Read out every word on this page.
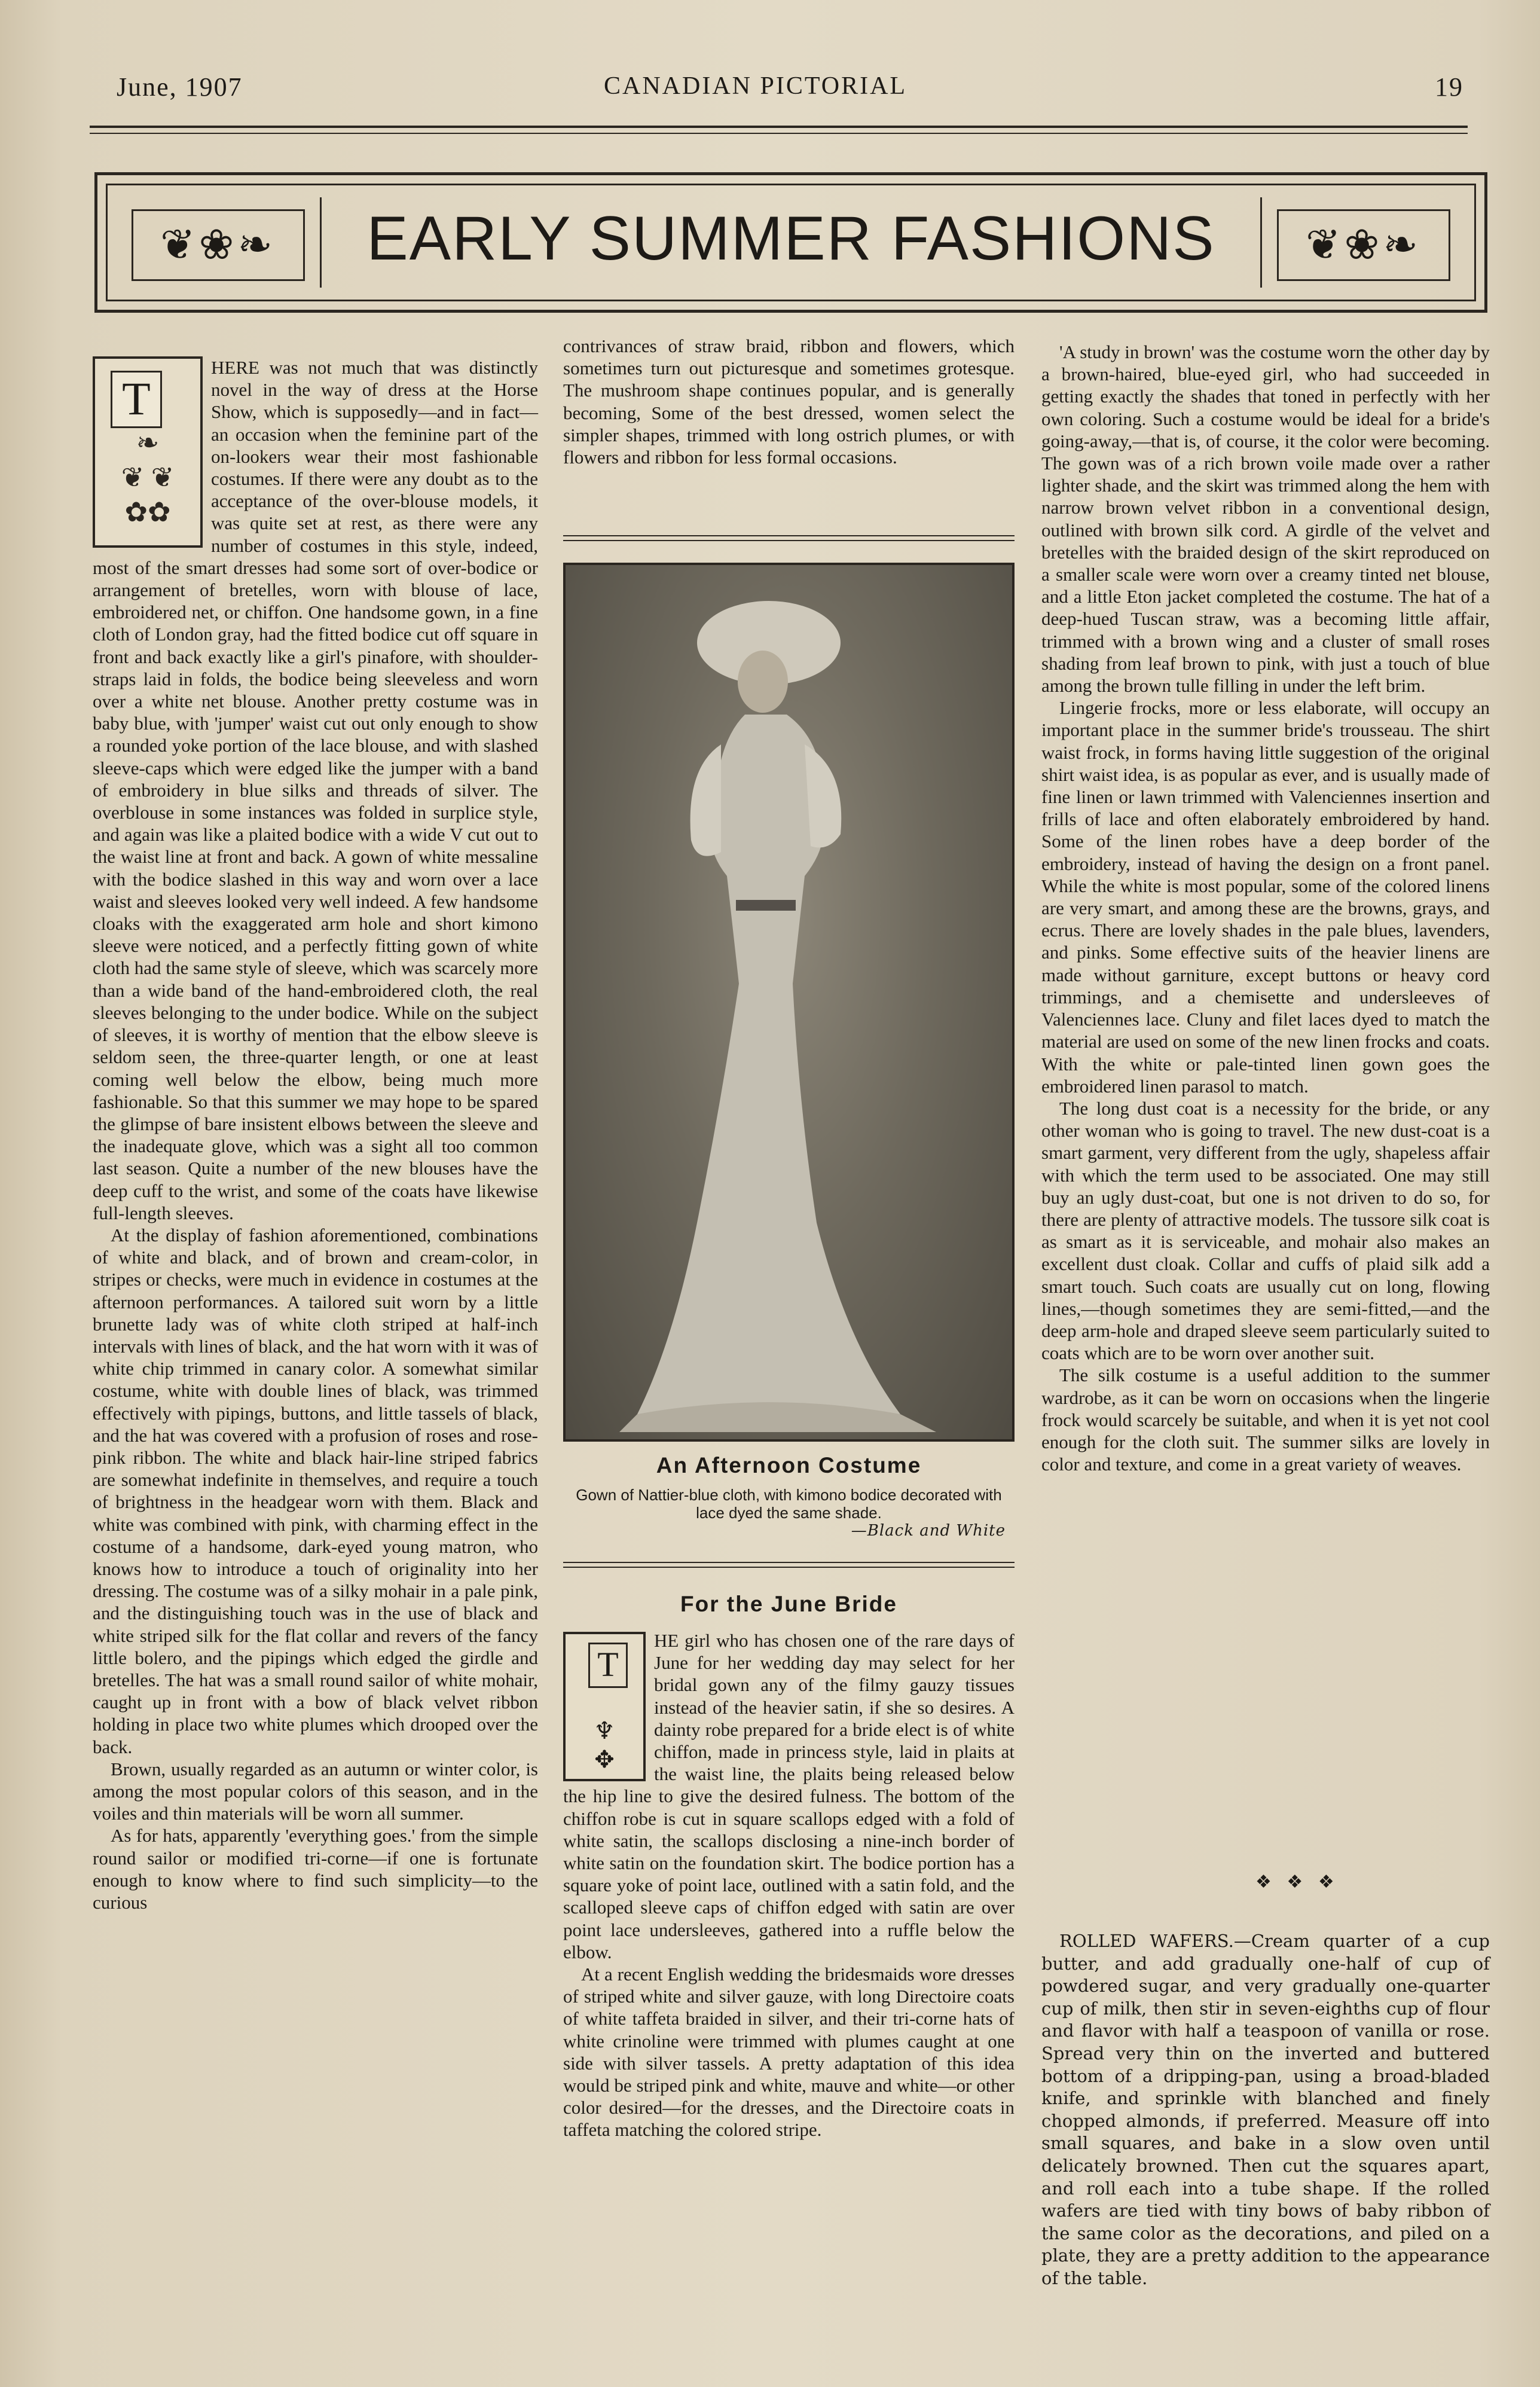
June, 1907	CANADIAN PICTORIAL	19
❦❀❧	EARLY SUMMER FASHIONS	❦❀❧
T
❧
❦ ❦
✿✿

HERE was not much that was distinctly novel in the way of dress at the Horse Show, which is supposedly—and in fact—an occasion when the feminine part of the on-lookers wear their most fashionable costumes. If there were any doubt as to the acceptance of the over-blouse models, it was quite set at rest, as there were any number of costumes in this style, indeed, most of the smart dresses had some sort of over-bodice or arrangement of bretelles, worn with blouse of lace, embroidered net, or chiffon. One handsome gown, in a fine cloth of London gray, had the fitted bodice cut off square in front and back exactly like a girl's pinafore, with shoulder-straps laid in folds, the bodice being sleeveless and worn over a white net blouse. Another pretty costume was in baby blue, with 'jumper' waist cut out only enough to show a rounded yoke portion of the lace blouse, and with slashed sleeve-caps which were edged like the jumper with a band of embroidery in blue silks and threads of silver. The overblouse in some instances was folded in surplice style, and again was like a plaited bodice with a wide V cut out to the waist line at front and back. A gown of white messaline with the bodice slashed in this way and worn over a lace waist and sleeves looked very well indeed. A few handsome cloaks with the exaggerated arm hole and short kimono sleeve were noticed, and a perfectly fitting gown of white cloth had the same style of sleeve, which was scarcely more than a wide band of the hand-embroidered cloth, the real sleeves belonging to the under bodice. While on the subject of sleeves, it is worthy of mention that the elbow sleeve is seldom seen, the three-quarter length, or one at least coming well below the elbow, being much more fashionable. So that this summer we may hope to be spared the glimpse of bare insistent elbows between the sleeve and the inadequate glove, which was a sight all too common last season. Quite a number of the new blouses have the deep cuff to the wrist, and some of the coats have likewise full-length sleeves.

At the display of fashion aforementioned, combinations of white and black, and of brown and cream-color, in stripes or checks, were much in evidence in costumes at the afternoon performances. A tailored suit worn by a little brunette lady was of white cloth striped at half-inch intervals with lines of black, and the hat worn with it was of white chip trimmed in canary color. A somewhat similar costume, white with double lines of black, was trimmed effectively with pipings, buttons, and little tassels of black, and the hat was covered with a profusion of roses and rose-pink ribbon. The white and black hair-line striped fabrics are somewhat indefinite in themselves, and require a touch of brightness in the headgear worn with them. Black and white was combined with pink, with charming effect in the costume of a handsome, dark-eyed young matron, who knows how to introduce a touch of originality into her dressing. The costume was of a silky mohair in a pale pink, and the distinguishing touch was in the use of black and white striped silk for the flat collar and revers of the fancy little bolero, and the pipings which edged the girdle and bretelles. The hat was a small round sailor of white mohair, caught up in front with a bow of black velvet ribbon holding in place two white plumes which drooped over the back.

Brown, usually regarded as an autumn or winter color, is among the most popular colors of this season, and in the voiles and thin materials will be worn all summer.

As for hats, apparently 'everything goes.' from the simple round sailor or modified tri-corne—if one is fortunate enough to know where to find such simplicity—to the curious

contrivances of straw braid, ribbon and flowers, which sometimes turn out picturesque and sometimes grotesque. The mushroom shape continues popular, and is generally becoming, Some of the best dressed, women select the simpler shapes, trimmed with long ostrich plumes, or with flowers and ribbon for less formal occasions.

An Afternoon Costume
Gown of Nattier-blue cloth, with kimono bodice decorated with lace dyed the same shade.
—Black and White
For the June Bride
T
♆
✥

HE girl who has chosen one of the rare days of June for her wedding day may select for her bridal gown any of the filmy gauzy tissues instead of the heavier satin, if she so desires. A dainty robe prepared for a bride elect is of white chiffon, made in princess style, laid in plaits at the waist line, the plaits being released below the hip line to give the desired fulness. The bottom of the chiffon robe is cut in square scallops edged with a fold of white satin, the scallops disclosing a nine-inch border of white satin on the foundation skirt. The bodice portion has a square yoke of point lace, outlined with a satin fold, and the scalloped sleeve caps of chiffon edged with satin are over point lace undersleeves, gathered into a ruffle below the elbow.

At a recent English wedding the bridesmaids wore dresses of striped white and silver gauze, with long Directoire coats of white taffeta braided in silver, and their tri-corne hats of white crinoline were trimmed with plumes caught at one side with silver tassels. A pretty adaptation of this idea would be striped pink and white, mauve and white—or other color desired—for the dresses, and the Directoire coats in taffeta matching the colored stripe.

'A study in brown' was the costume worn the other day by a brown-haired, blue-eyed girl, who had succeeded in getting exactly the shades that toned in perfectly with her own coloring. Such a costume would be ideal for a bride's going-away,—that is, of course, it the color were becoming. The gown was of a rich brown voile made over a rather lighter shade, and the skirt was trimmed along the hem with narrow brown velvet ribbon in a conventional design, outlined with brown silk cord. A girdle of the velvet and bretelles with the braided design of the skirt reproduced on a smaller scale were worn over a creamy tinted net blouse, and a little Eton jacket completed the costume. The hat of a deep-hued Tuscan straw, was a becoming little affair, trimmed with a brown wing and a cluster of small roses shading from leaf brown to pink, with just a touch of blue among the brown tulle filling in under the left brim.

Lingerie frocks, more or less elaborate, will occupy an important place in the summer bride's trousseau. The shirt waist frock, in forms having little suggestion of the original shirt waist idea, is as popular as ever, and is usually made of fine linen or lawn trimmed with Valenciennes insertion and frills of lace and often elaborately embroidered by hand. Some of the linen robes have a deep border of the embroidery, instead of having the design on a front panel. While the white is most popular, some of the colored linens are very smart, and among these are the browns, grays, and ecrus. There are lovely shades in the pale blues, lavenders, and pinks. Some effective suits of the heavier linens are made without garniture, except buttons or heavy cord trimmings, and a chemisette and undersleeves of Valenciennes lace. Cluny and filet laces dyed to match the material are used on some of the new linen frocks and coats. With the white or pale-tinted linen gown goes the embroidered linen parasol to match.

The long dust coat is a necessity for the bride, or any other woman who is going to travel. The new dust-coat is a smart garment, very different from the ugly, shapeless affair with which the term used to be associated. One may still buy an ugly dust-coat, but one is not driven to do so, for there are plenty of attractive models. The tussore silk coat is as smart as it is serviceable, and mohair also makes an excellent dust cloak. Collar and cuffs of plaid silk add a smart touch. Such coats are usually cut on long, flowing lines,—though sometimes they are semi-fitted,—and the deep arm-hole and draped sleeve seem particularly suited to coats which are to be worn over another suit.

The silk costume is a useful addition to the summer wardrobe, as it can be worn on occasions when the lingerie frock would scarcely be suitable, and when it is yet not cool enough for the cloth suit. The summer silks are lovely in color and texture, and come in a great variety of weaves.

❖ ❖ ❖

ROLLED WAFERS.—Cream quarter of a cup butter, and add gradually one-half of cup of powdered sugar, and very gradually one-quarter cup of milk, then stir in seven-eighths cup of flour and flavor with half a teaspoon of vanilla or rose. Spread very thin on the inverted and buttered bottom of a dripping-pan, using a broad-bladed knife, and sprinkle with blanched and finely chopped almonds, if preferred. Measure off into small squares, and bake in a slow oven until delicately browned. Then cut the squares apart, and roll each into a tube shape. If the rolled wafers are tied with tiny bows of baby ribbon of the same color as the decorations, and piled on a plate, they are a pretty addition to the appearance of the table.
